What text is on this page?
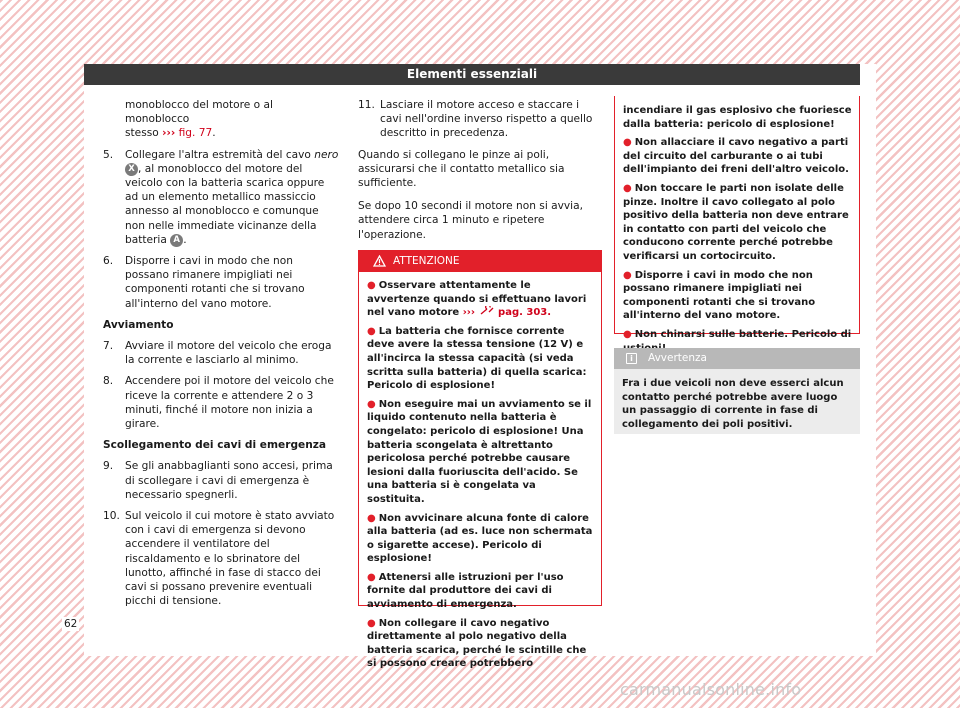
Elementi essenziali
monoblocco del motore o al monoblocco
stesso ››› fig. 77.
5. Collegare l'altra estremità del cavo nero X , al monoblocco del motore del veicolo con la batteria scarica oppure ad un elemento metallico massiccio annesso al monoblocco e comunque non nelle immediate vicinanze della batteria A .
6. Disporre i cavi in modo che non possano rimanere impigliati nei componenti rotanti che si trovano all'interno del vano motore.
Avviamento
7. Avviare il motore del veicolo che eroga la corrente e lasciarlo al minimo.
8. Accendere poi il motore del veicolo che riceve la corrente e attendere 2 o 3 minuti, finché il motore non inizia a girare.
Scollegamento dei cavi di emergenza
9. Se gli anabbaglianti sono accesi, prima di scollegare i cavi di emergenza è necessario spegnerli.
10. Sul veicolo il cui motore è stato avviato con i cavi di emergenza si devono accendere il ventilatore del riscaldamento e lo sbrinatore del lunotto, affinché in fase di stacco dei cavi si possano prevenire eventuali picchi di tensione.
11. Lasciare il motore acceso e staccare i cavi nell'ordine inverso rispetto a quello descritto in precedenza.

Quando si collegano le pinze ai poli, assicurarsi che il contatto metallico sia sufficiente.

Se dopo 10 secondi il motore non si avvia, attendere circa 1 minuto e ripetere l'operazione.

ATTENZIONE
● Osservare attentamente le avvertenze quando si effettuano lavori nel vano motore ››› pag. 303.
● La batteria che fornisce corrente deve avere la stessa tensione (12 V) e all'incirca la stessa capacità (si veda scritta sulla batteria) di quella scarica: Pericolo di esplosione!
● Non eseguire mai un avviamento se il liquido contenuto nella batteria è congelato: pericolo di esplosione! Una batteria scongelata è altrettanto pericolosa perché potrebbe causare lesioni dalla fuoriuscita dell'acido. Se una batteria si è congelata va sostituita.
● Non avvicinare alcuna fonte di calore alla batteria (ad es. luce non schermata o sigarette accese). Pericolo di esplosione!
● Attenersi alle istruzioni per l'uso fornite dal produttore dei cavi di avviamento di emergenza.
● Non collegare il cavo negativo direttamente al polo negativo della batteria scarica, perché le scintille che si possono creare potrebbero
incendiare il gas esplosivo che fuoriesce dalla batteria: pericolo di esplosione!
● Non allacciare il cavo negativo a parti del circuito del carburante o ai tubi dell'impianto dei freni dell'altro veicolo.
● Non toccare le parti non isolate delle pinze. Inoltre il cavo collegato al polo positivo della batteria non deve entrare in contatto con parti del veicolo che conducono corrente perché potrebbe verificarsi un cortocircuito.
● Disporre i cavi in modo che non possano rimanere impigliati nei componenti rotanti che si trovano all'interno del vano motore.
● Non chinarsi sulle batterie. Pericolo di
i	Avvertenza
Fra i due veicoli non deve esserci alcun contatto perché potrebbe avere luogo un passaggio di corrente in fase di collegamento dei poli positivi.
62
carmanualsonline.info
